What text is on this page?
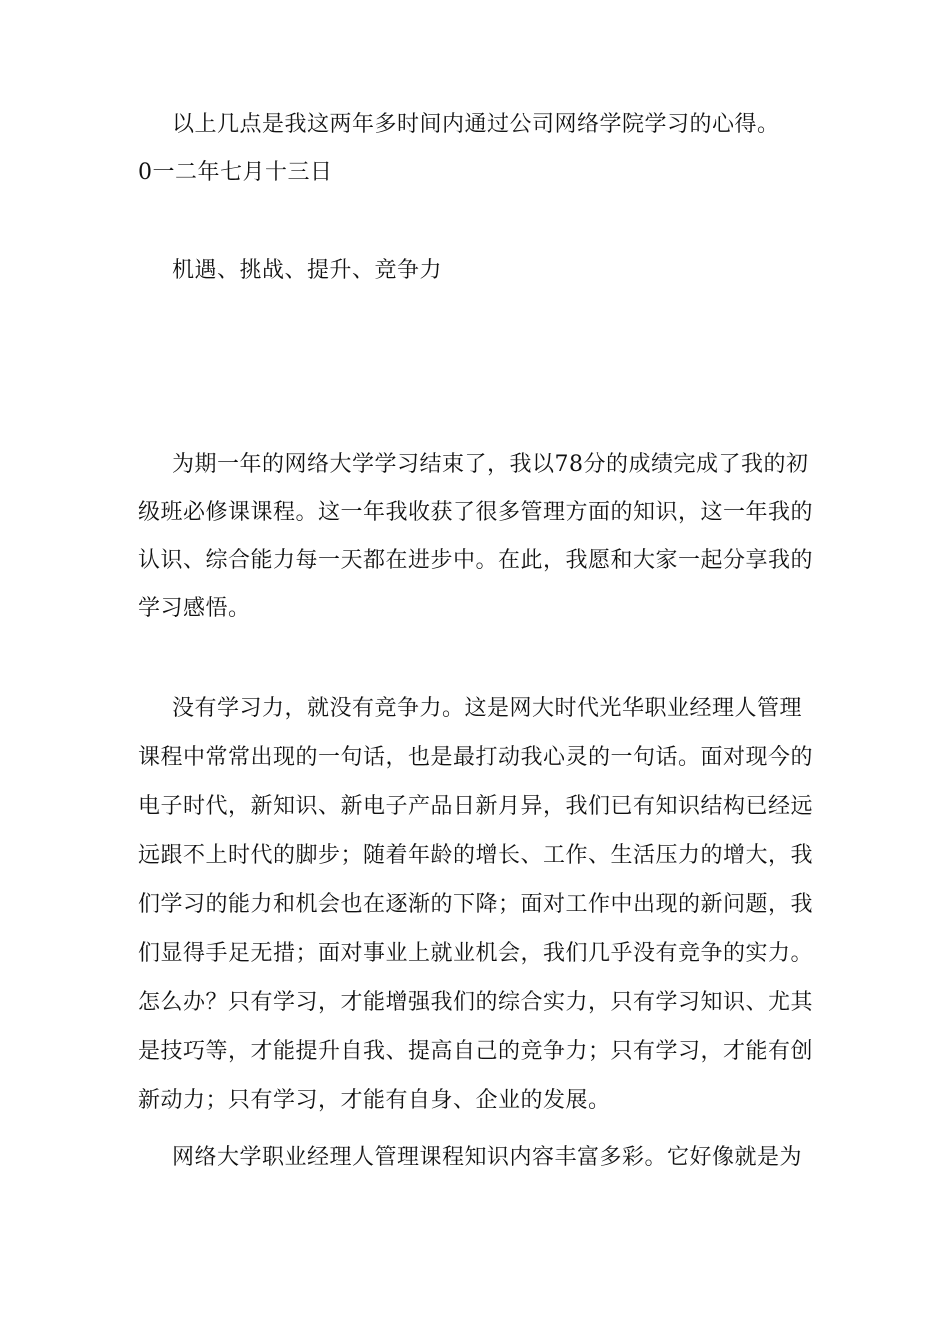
以上几点是我这两年多时间内通过公司网络学院学习的心得。
0一二年七月十三日
机遇、挑战、提升、竞争力
为期一年的网络大学学习结束了，我以78分的成绩完成了我的初
级班必修课课程。这一年我收获了很多管理方面的知识，这一年我的
认识、综合能力每一天都在进步中。在此，我愿和大家一起分享我的
学习感悟。
没有学习力，就没有竞争力。这是网大时代光华职业经理人管理
课程中常常出现的一句话，也是最打动我心灵的一句话。面对现今的
电子时代，新知识、新电子产品日新月异，我们已有知识结构已经远
远跟不上时代的脚步；随着年龄的增长、工作、生活压力的增大，我
们学习的能力和机会也在逐渐的下降；面对工作中出现的新问题，我
们显得手足无措；面对事业上就业机会，我们几乎没有竞争的实力。
怎么办？只有学习，才能增强我们的综合实力，只有学习知识、尤其
是技巧等，才能提升自我、提高自己的竞争力；只有学习，才能有创
新动力；只有学习，才能有自身、企业的发展。
网络大学职业经理人管理课程知识内容丰富多彩。它好像就是为
